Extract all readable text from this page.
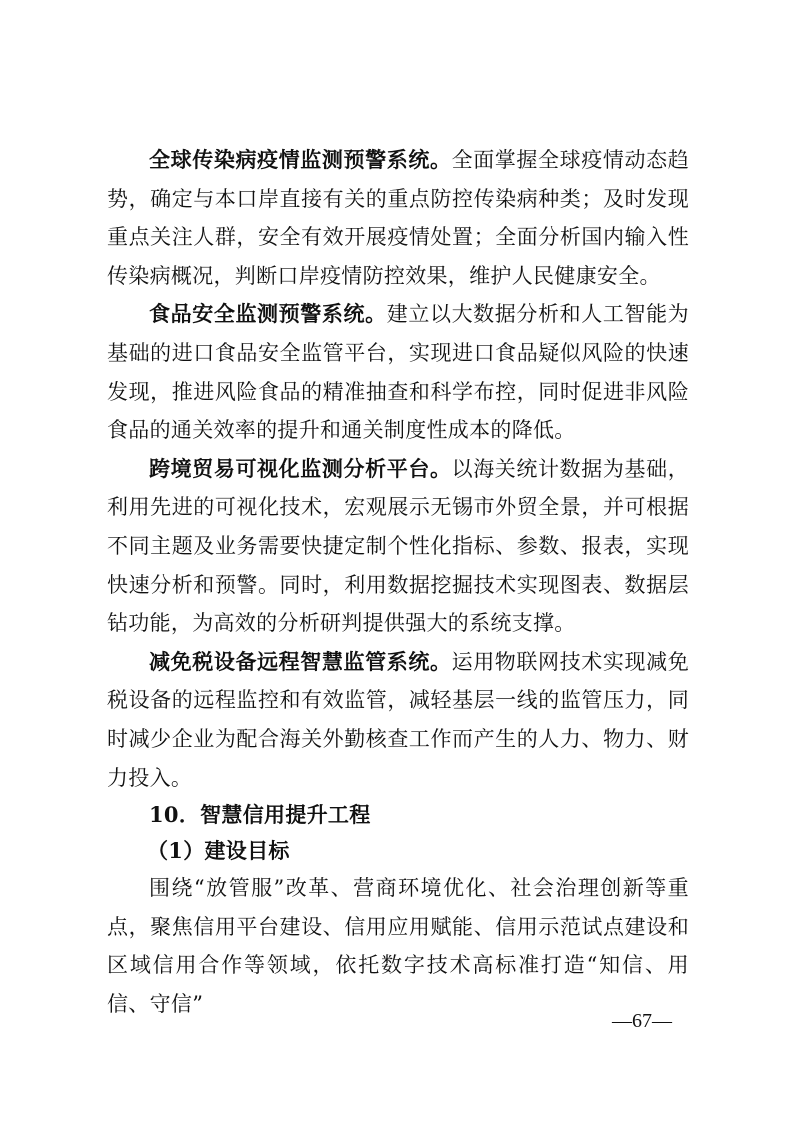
全球传染病疫情监测预警系统。全面掌握全球疫情动态趋势，确定与本口岸直接有关的重点防控传染病种类；及时发现重点关注人群，安全有效开展疫情处置；全面分析国内输入性传染病概况，判断口岸疫情防控效果，维护人民健康安全。

食品安全监测预警系统。建立以大数据分析和人工智能为基础的进口食品安全监管平台，实现进口食品疑似风险的快速发现，推进风险食品的精准抽查和科学布控，同时促进非风险食品的通关效率的提升和通关制度性成本的降低。

跨境贸易可视化监测分析平台。以海关统计数据为基础，利用先进的可视化技术，宏观展示无锡市外贸全景，并可根据不同主题及业务需要快捷定制个性化指标、参数、报表，实现快速分析和预警。同时，利用数据挖掘技术实现图表、数据层钻功能，为高效的分析研判提供强大的系统支撑。

减免税设备远程智慧监管系统。运用物联网技术实现减免税设备的远程监控和有效监管，减轻基层一线的监管压力，同时减少企业为配合海关外勤核查工作而产生的人力、物力、财力投入。

10．智慧信用提升工程

（1）建设目标

围绕“放管服”改革、营商环境优化、社会治理创新等重点，聚焦信用平台建设、信用应用赋能、信用示范试点建设和区域信用合作等领域，依托数字技术高标准打造“知信、用信、守信”

—67—
